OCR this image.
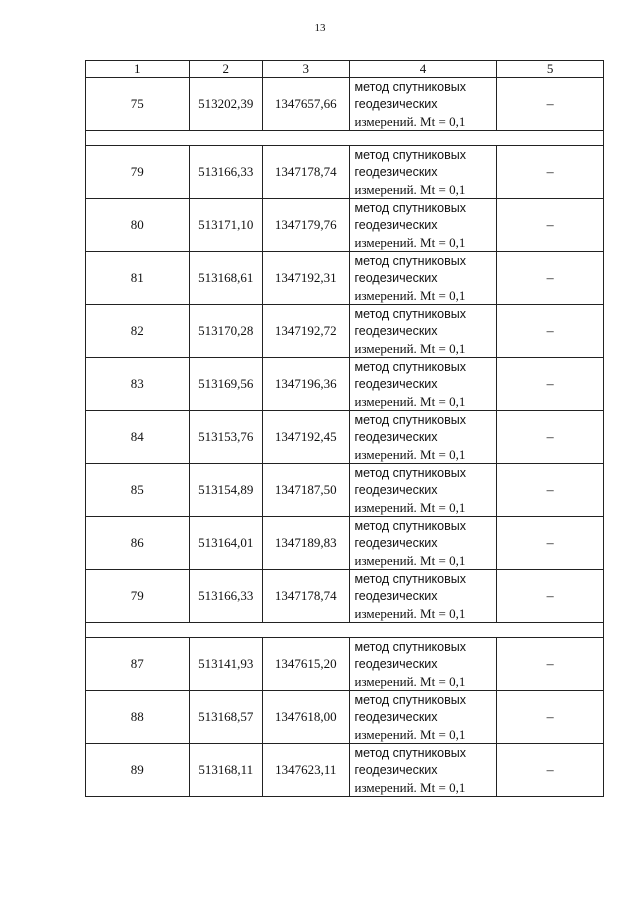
13
1	2	3	4	5
75	513202,39	1347657,66	метод спутниковых
геодезических
измерений. Mt = 0,1	–

79	513166,33	1347178,74	метод спутниковых
геодезических
измерений. Mt = 0,1	–
80	513171,10	1347179,76	метод спутниковых
геодезических
измерений. Mt = 0,1	–
81	513168,61	1347192,31	метод спутниковых
геодезических
измерений. Mt = 0,1	–
82	513170,28	1347192,72	метод спутниковых
геодезических
измерений. Mt = 0,1	–
83	513169,56	1347196,36	метод спутниковых
геодезических
измерений. Mt = 0,1	–
84	513153,76	1347192,45	метод спутниковых
геодезических
измерений. Mt = 0,1	–
85	513154,89	1347187,50	метод спутниковых
геодезических
измерений. Mt = 0,1	–
86	513164,01	1347189,83	метод спутниковых
геодезических
измерений. Mt = 0,1	–
79	513166,33	1347178,74	метод спутниковых
геодезических
измерений. Mt = 0,1	–

87	513141,93	1347615,20	метод спутниковых
геодезических
измерений. Mt = 0,1	–
88	513168,57	1347618,00	метод спутниковых
геодезических
измерений. Mt = 0,1	–
89	513168,11	1347623,11	метод спутниковых
геодезических
измерений. Mt = 0,1	–
